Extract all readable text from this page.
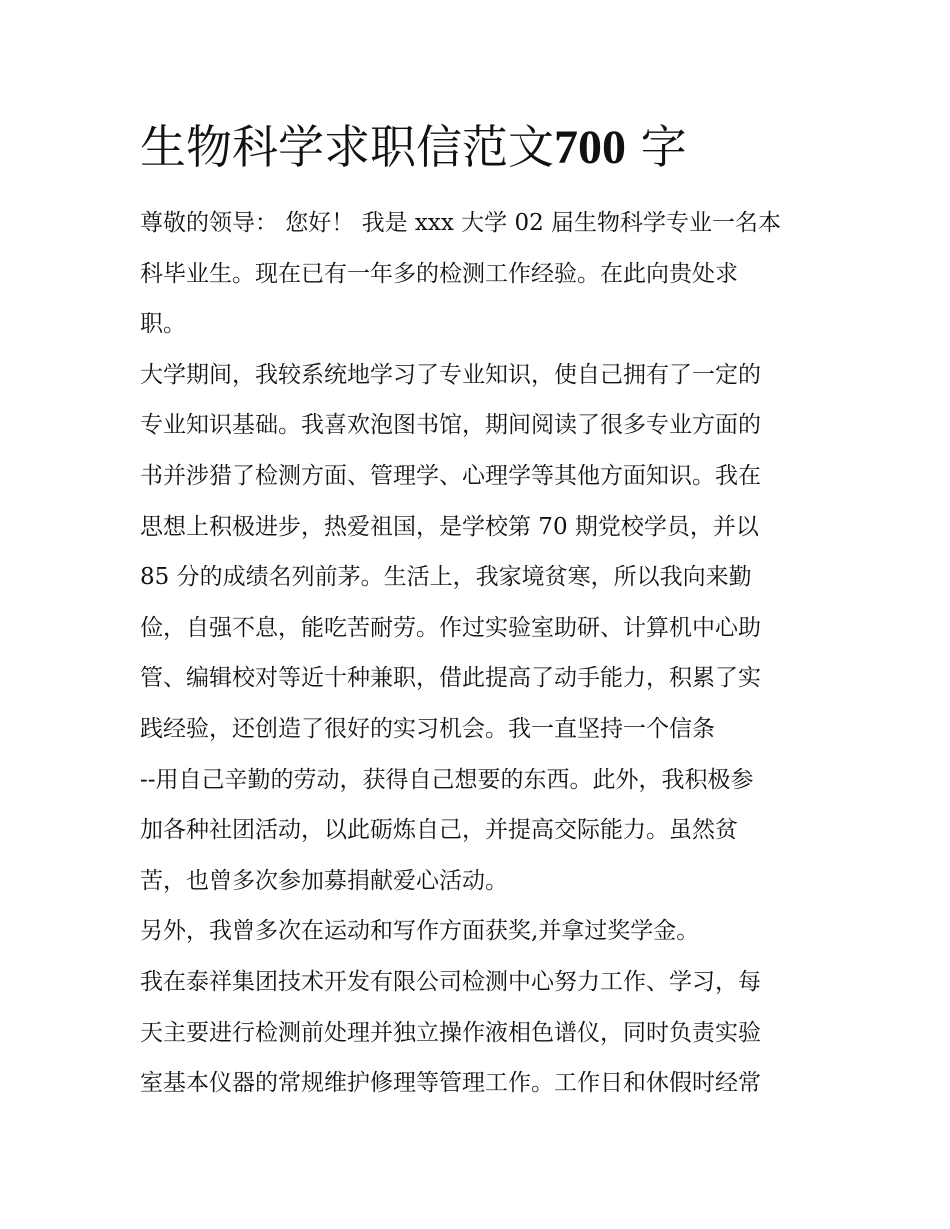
生物科学求职信范文700 字
尊敬的领导： 您好！ 我是 xxx 大学 02 届生物科学专业一名本
科毕业生。现在已有一年多的检测工作经验。在此向贵处求
职。
大学期间，我较系统地学习了专业知识，使自己拥有了一定的
专业知识基础。我喜欢泡图书馆，期间阅读了很多专业方面的
书并涉猎了检测方面、管理学、心理学等其他方面知识。我在
思想上积极进步，热爱祖国，是学校第 70 期党校学员，并以
85 分的成绩名列前茅。生活上，我家境贫寒，所以我向来勤
俭，自强不息，能吃苦耐劳。作过实验室助研、计算机中心助
管、编辑校对等近十种兼职，借此提高了动手能力，积累了实
践经验，还创造了很好的实习机会。我一直坚持一个信条
--用自己辛勤的劳动，获得自己想要的东西。此外，我积极参
加各种社团活动，以此砺炼自己，并提高交际能力。虽然贫
苦，也曾多次参加募捐献爱心活动。
另外，我曾多次在运动和写作方面获奖,并拿过奖学金。
我在泰祥集团技术开发有限公司检测中心努力工作、学习，每
天主要进行检测前处理并独立操作液相色谱仪，同时负责实验
室基本仪器的常规维护修理等管理工作。工作日和休假时经常
